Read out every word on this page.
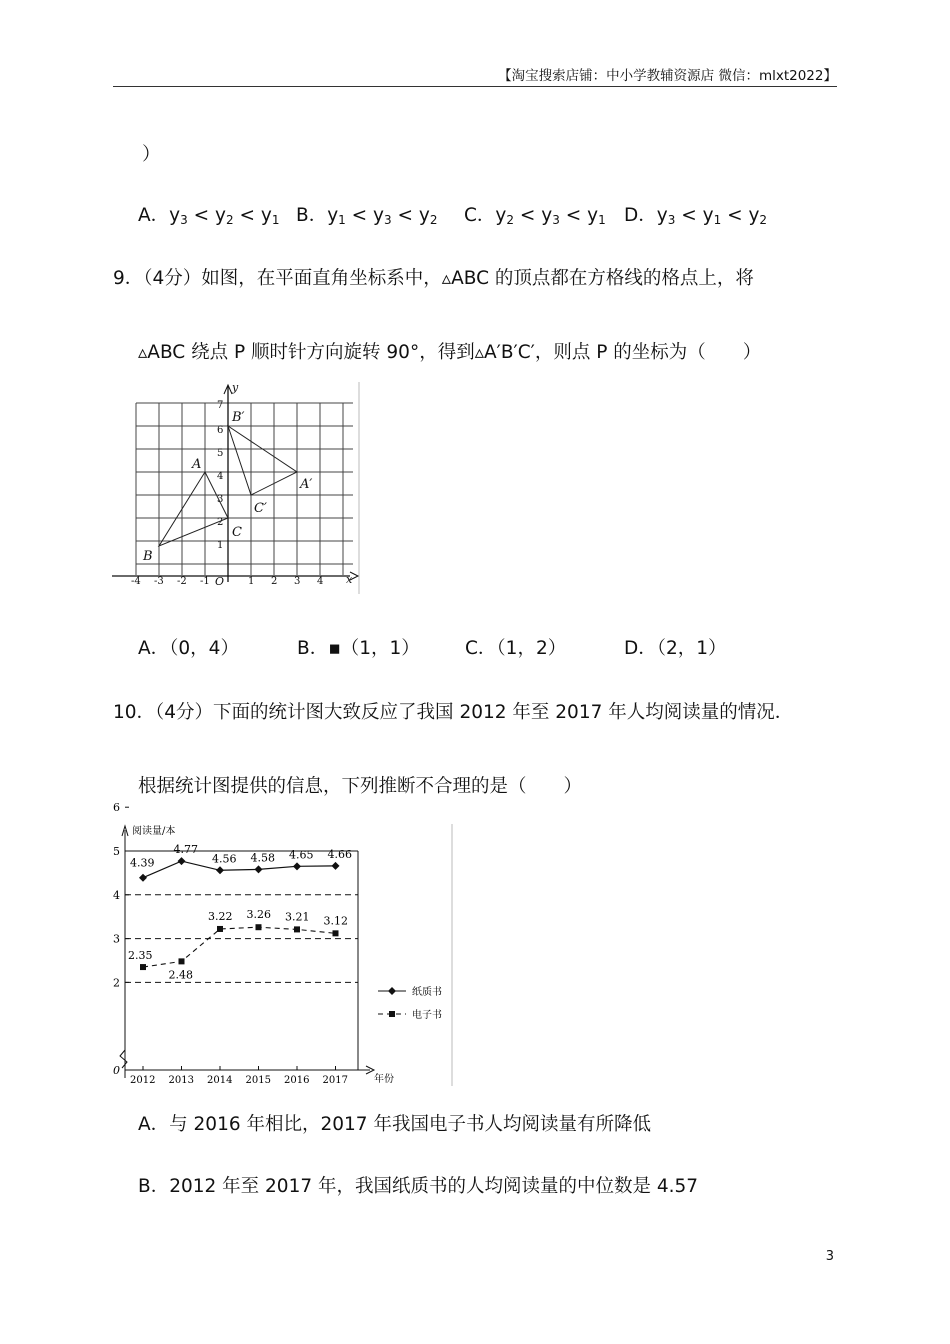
【淘宝搜索店铺：中小学教辅资源店 微信：mlxt2022】
）
A．$y_3 < y_2 < y_1$ B．$y_1 < y_3 < y_2$ C．$y_2 < y_3 < y_1$ D．$y_3 < y_1 < y_2$
9．（4分）如图，在平面直角坐标系中，▵ABC 的顶点都在方格线的格点上，将
▵ABC 绕点 P 顺时针方向旋转 90°，得到▵A′B′C′，则点 P 的坐标为（　　）
y
x
O
A
B
C
A′
B′
C′
-4 -3 -2 -1	1 2 3 4
1
2
3
4
5
6
7
A．（0，4）	B．▪（1，1） C．（1，2）	D．（2，1）
10．（4分）下面的统计图大致反应了我国 2012 年至 2017 年人均阅读量的情况．
根据统计图提供的信息，下列推断不合理的是（　　）
阅读量/本
年份
0
2
3
4
5
6
2012 2013 2014 2015 2016 2017
4.39
4.77
4.56 4.58 4.65 4.66
2.35
2.48
3.22 3.26 3.21 3.12
纸质书
电子书
A．与 2016 年相比，2017 年我国电子书人均阅读量有所降低
B．2012 年至 2017 年，我国纸质书的人均阅读量的中位数是 4.57
3
